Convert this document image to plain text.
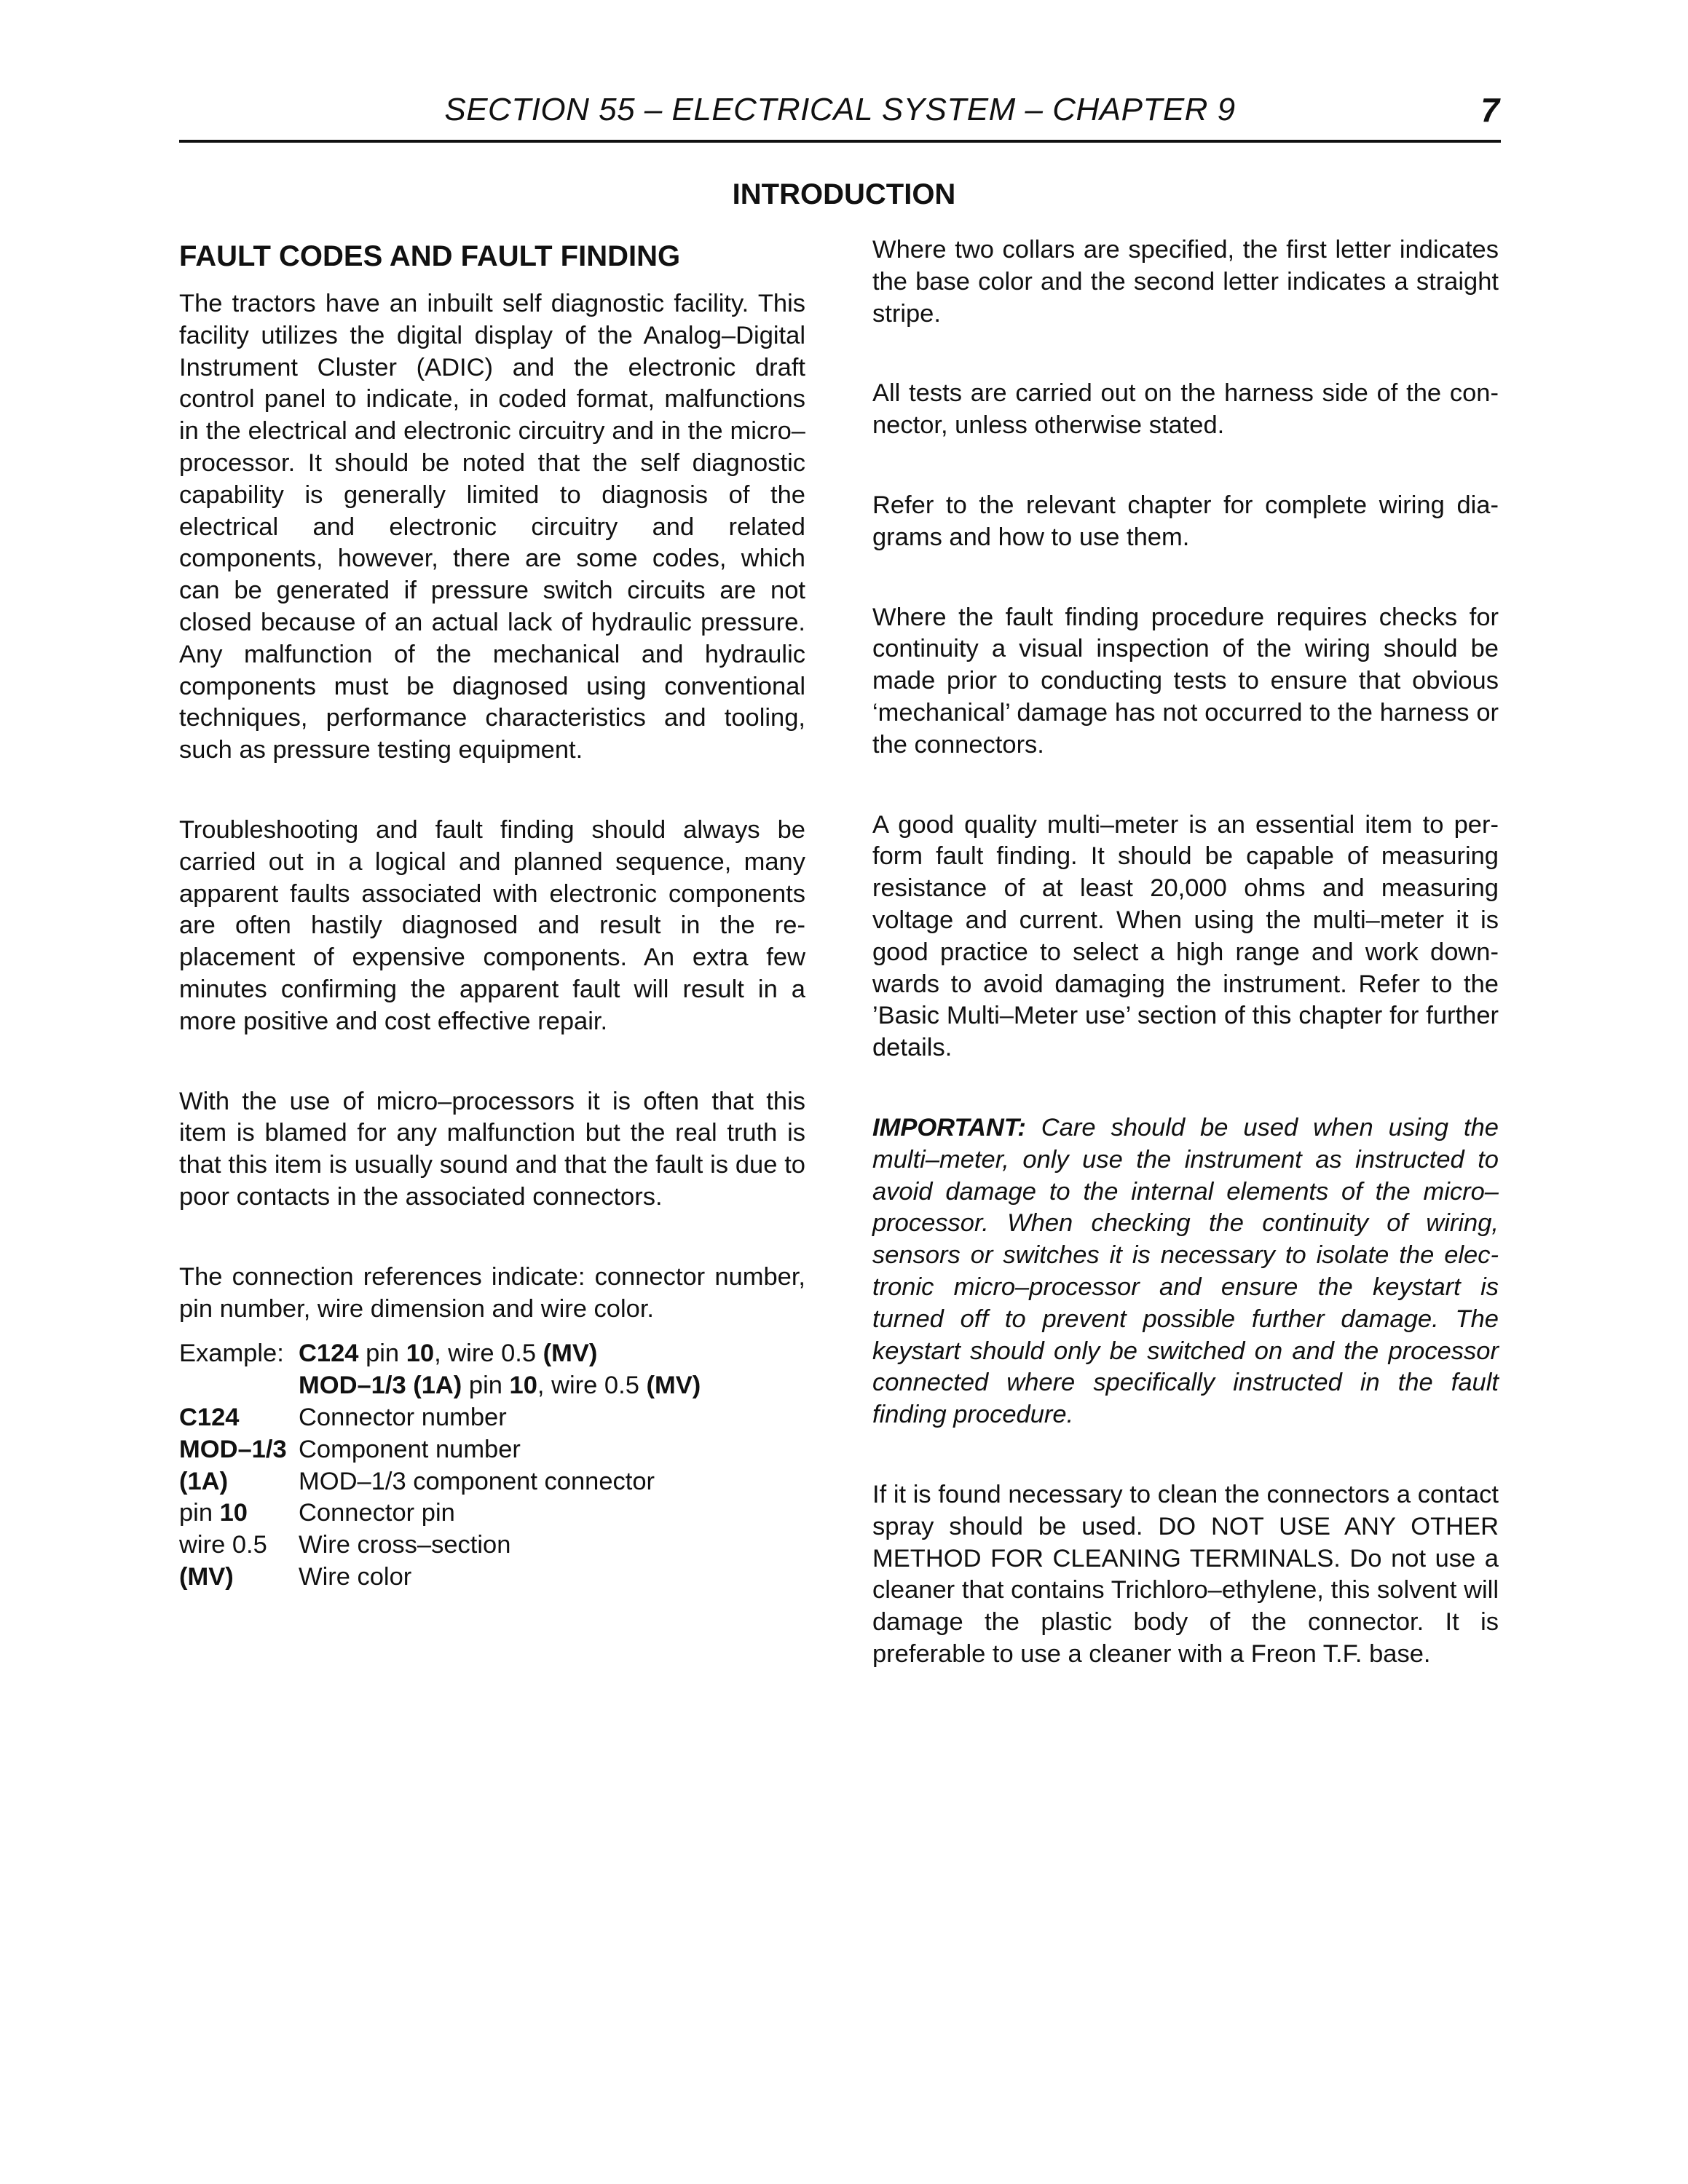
SECTION 55 – ELECTRICAL SYSTEM – CHAPTER 9	7
INTRODUCTION
FAULT CODES AND FAULT FINDING

The tractors have an inbuilt self diagnostic facility. This facility utilizes the digital display of the Analog–Digital Instrument Cluster (ADIC) and the electronic draft control panel to indicate, in coded format, malfunctions in the electrical and electronic circuitry and in the micro–processor. It should be noted that the self diagnostic capability is generally limited to diagnosis of the electrical and electronic circuitry and related components, however, there are some codes, which can be generated if pressure switch circuits are not closed because of an actual lack of hydraulic pressure. Any malfunction of the mechanical and hydraulic components must be diagnosed using conventional techniques, performance characteristics and tooling, such as pressure testing equipment.

Troubleshooting and fault finding should always be carried out in a logical and planned sequence, many apparent faults associated with electronic components are often hastily diagnosed and result in the replacement of expensive components. An extra few minutes confirming the apparent fault will result in a more positive and cost effective repair.

With the use of micro–processors it is often that this item is blamed for any malfunction but the real truth is that this item is usually sound and that the fault is due to poor contacts in the associated connectors.

The connection references indicate: connector number, pin number, wire dimension and wire color.

Example:	C124 pin 10, wire 0.5 (MV)
	MOD–1/3 (1A) pin 10, wire 0.5 (MV)
C124	Connector number
MOD–1/3	Component number
(1A)	MOD–1/3 component connector
pin 10	Connector pin
wire 0.5	Wire cross–section
(MV)	Wire color

Where two collars are specified, the first letter indicates the base color and the second letter indicates a straight stripe.

All tests are carried out on the harness side of the connector, unless otherwise stated.

Refer to the relevant chapter for complete wiring diagrams and how to use them.

Where the fault finding procedure requires checks for continuity a visual inspection of the wiring should be made prior to conducting tests to ensure that obvious ‘mechanical’ damage has not occurred to the harness or the connectors.

A good quality multi–meter is an essential item to perform fault finding. It should be capable of measuring resistance of at least 20,000 ohms and measuring voltage and current. When using the multi–meter it is good practice to select a high range and work downwards to avoid damaging the instrument. Refer to the ’Basic Multi–Meter use’ section of this chapter for further details.

IMPORTANT: Care should be used when using the multi–meter, only use the instrument as instructed to avoid damage to the internal elements of the micro–processor. When checking the continuity of wiring, sensors or switches it is necessary to isolate the electronic micro–processor and ensure the keystart is turned off to prevent possible further damage. The keystart should only be switched on and the processor connected where specifically instructed in the fault finding procedure.

If it is found necessary to clean the connectors a contact spray should be used. DO NOT USE ANY OTHER METHOD FOR CLEANING TERMINALS. Do not use a cleaner that contains Trichloro–ethylene, this solvent will damage the plastic body of the connector. It is preferable to use a cleaner with a Freon T.F. base.
